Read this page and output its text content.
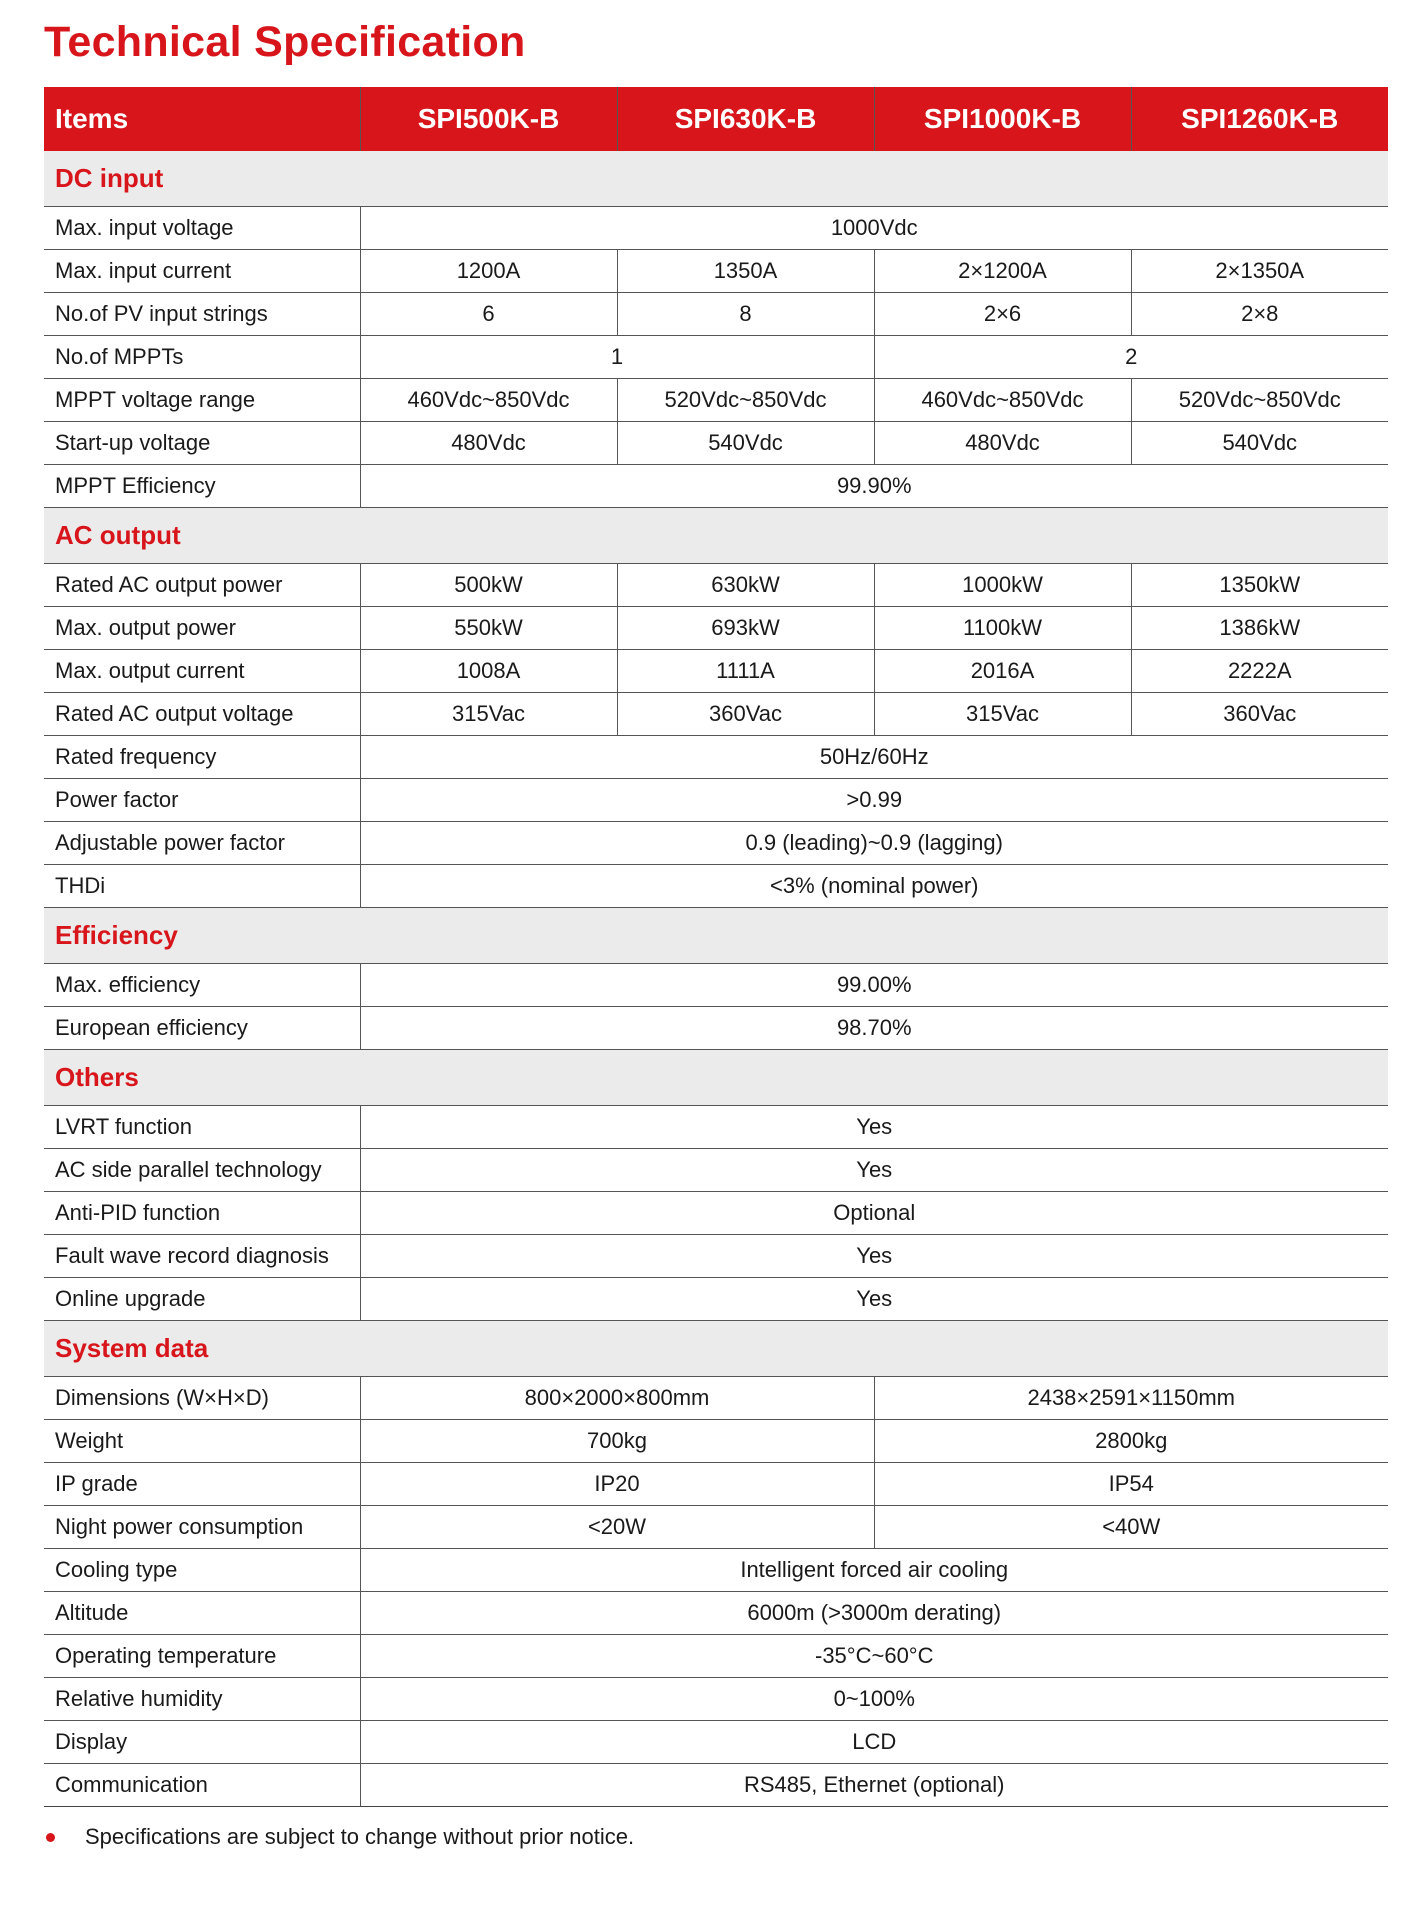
Technical Specification
Items	SPI500K-B	SPI630K-B	SPI1000K-B	SPI1260K-B
DC input				
Max. input voltage	1000Vdc			
Max. input current	1200A	1350A	2×1200A	2×1350A
No.of PV input strings	6	8	2×6	2×8
No.of MPPTs	1		2	
MPPT voltage range	460Vdc~850Vdc	520Vdc~850Vdc	460Vdc~850Vdc	520Vdc~850Vdc
Start-up voltage	480Vdc	540Vdc	480Vdc	540Vdc
MPPT Efficiency	99.90%			
AC output				
Rated AC output power	500kW	630kW	1000kW	1350kW
Max. output power	550kW	693kW	1100kW	1386kW
Max. output current	1008A	1111A	2016A	2222A
Rated AC output voltage	315Vac	360Vac	315Vac	360Vac
Rated frequency	50Hz/60Hz			
Power factor	>0.99			
Adjustable power factor	0.9 (leading)~0.9 (lagging)			
THDi	<3% (nominal power)			
Efficiency				
Max. efficiency	99.00%			
European efficiency	98.70%			
Others				
LVRT function	Yes			
AC side parallel technology	Yes			
Anti-PID function	Optional			
Fault wave record diagnosis	Yes			
Online upgrade	Yes			
System data				
Dimensions (W×H×D)	800×2000×800mm		2438×2591×1150mm	
Weight	700kg		2800kg	
IP grade	IP20		IP54	
Night power consumption	<20W		<40W	
Cooling type	Intelligent forced air cooling			
Altitude	6000m (>3000m derating)			
Operating temperature	-35°C~60°C			
Relative humidity	0~100%			
Display	LCD			
Communication	RS485, Ethernet (optional)			
Specifications are subject to change without prior notice.
